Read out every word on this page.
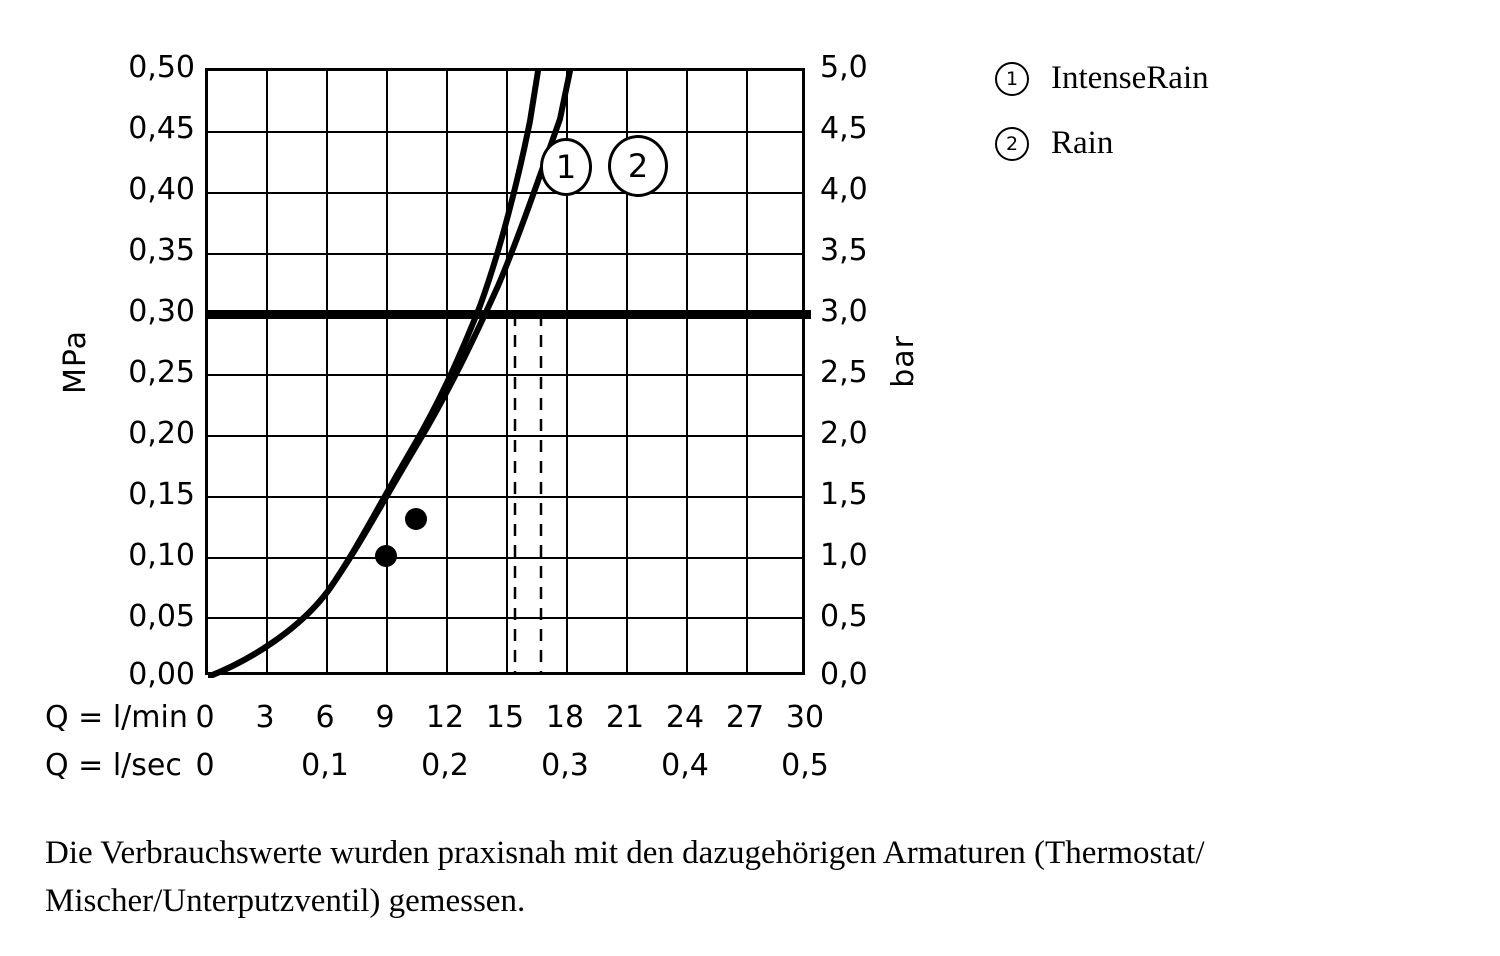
MPa	bar
0,50
0,45
0,40
0,35
0,30
0,25
0,20
0,15
0,10
0,05
0,00
5,0
4,5
4,0
3,5
3,0
2,5
2,0
1,5
1,0
0,5
0,0
1	2
Q = l/min 0	3	6	9	12 15 18 21 24 27 30
Q = l/sec 0	0,1	0,2	0,3	0,4	0,5
1 IntenseRain
2 Rain
Die Verbrauchswerte wurden praxisnah mit den dazugehörigen Armaturen (Thermostat/
Mischer/Unterputzventil) gemessen.
